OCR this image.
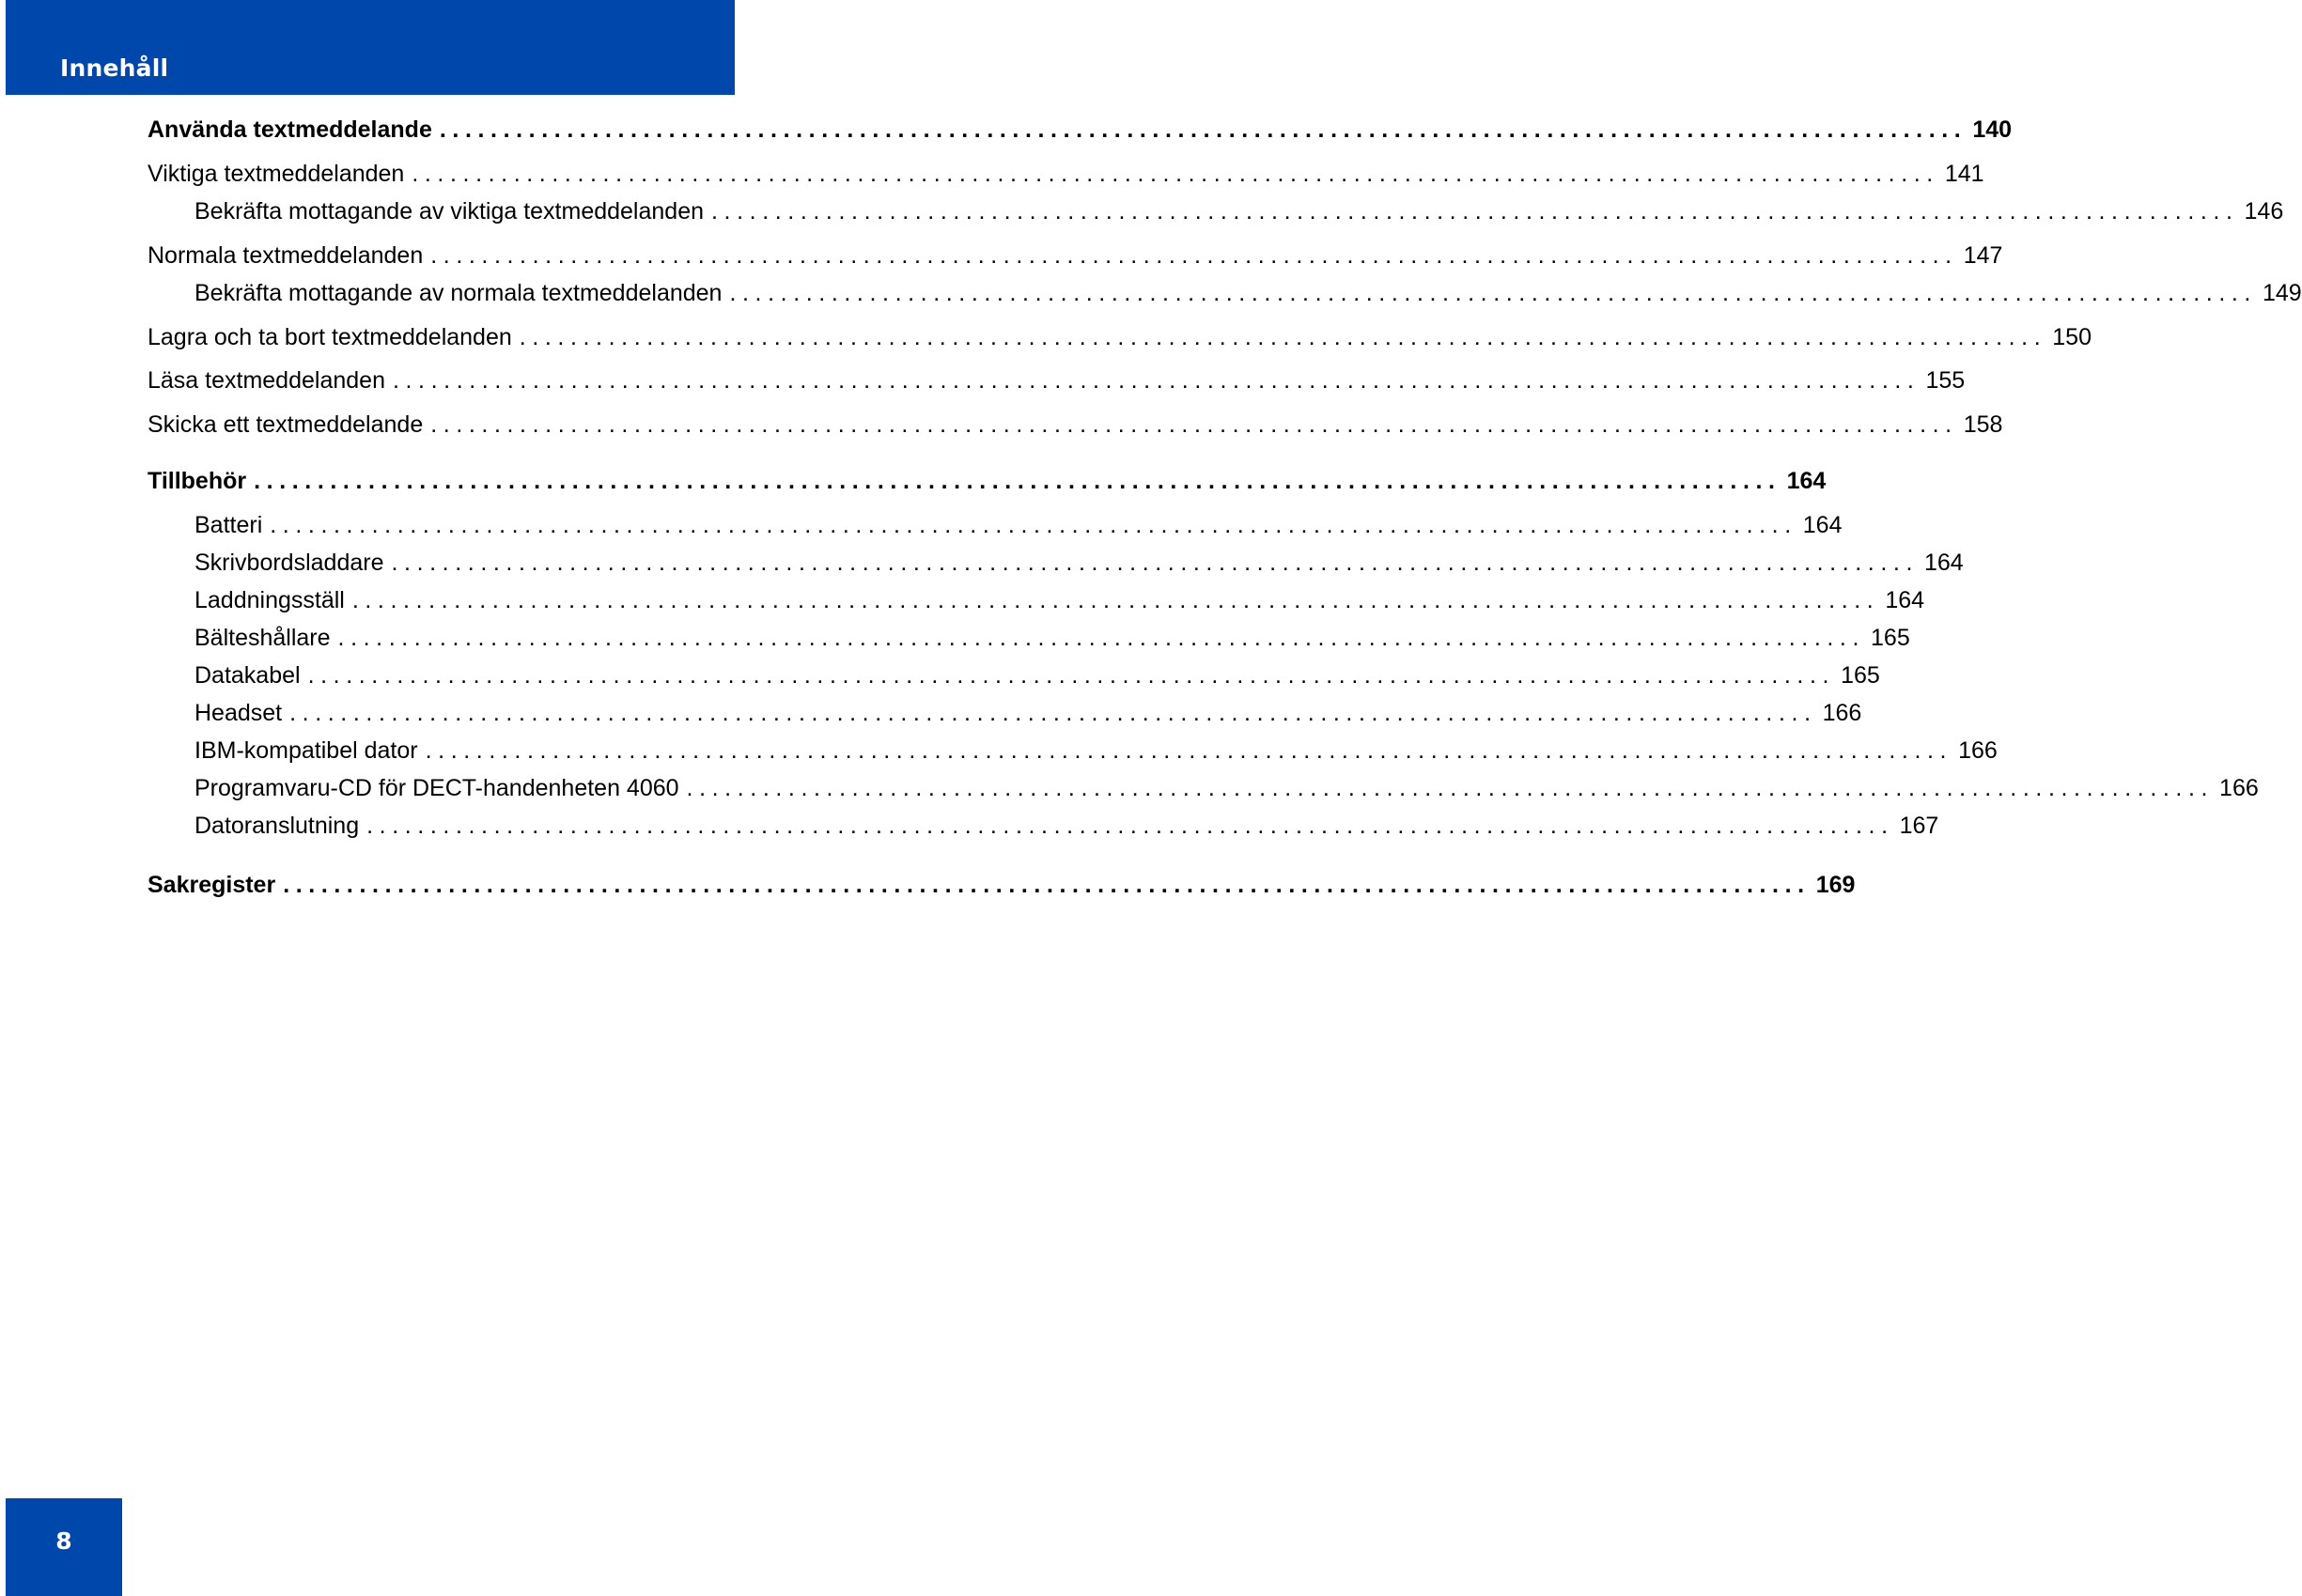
Innehåll
Använda textmeddelande ........................................................................................................................ 140
Viktiga textmeddelanden ........................................................................................................................ 141
Bekräfta mottagande av viktiga textmeddelanden ........................................................................................................................ 146
Normala textmeddelanden ........................................................................................................................ 147
Bekräfta mottagande av normala textmeddelanden ........................................................................................................................ 149
Lagra och ta bort textmeddelanden ........................................................................................................................ 150
Läsa textmeddelanden ........................................................................................................................ 155
Skicka ett textmeddelande ........................................................................................................................ 158
Tillbehör ........................................................................................................................ 164
Batteri ........................................................................................................................ 164
Skrivbordsladdare ........................................................................................................................ 164
Laddningsställ ........................................................................................................................ 164
Bälteshållare ........................................................................................................................ 165
Datakabel ........................................................................................................................ 165
Headset ........................................................................................................................ 166
IBM-kompatibel dator ........................................................................................................................ 166
Programvaru-CD för DECT-handenheten 4060 ........................................................................................................................ 166
Datoranslutning ........................................................................................................................ 167
Sakregister ........................................................................................................................ 169
8
